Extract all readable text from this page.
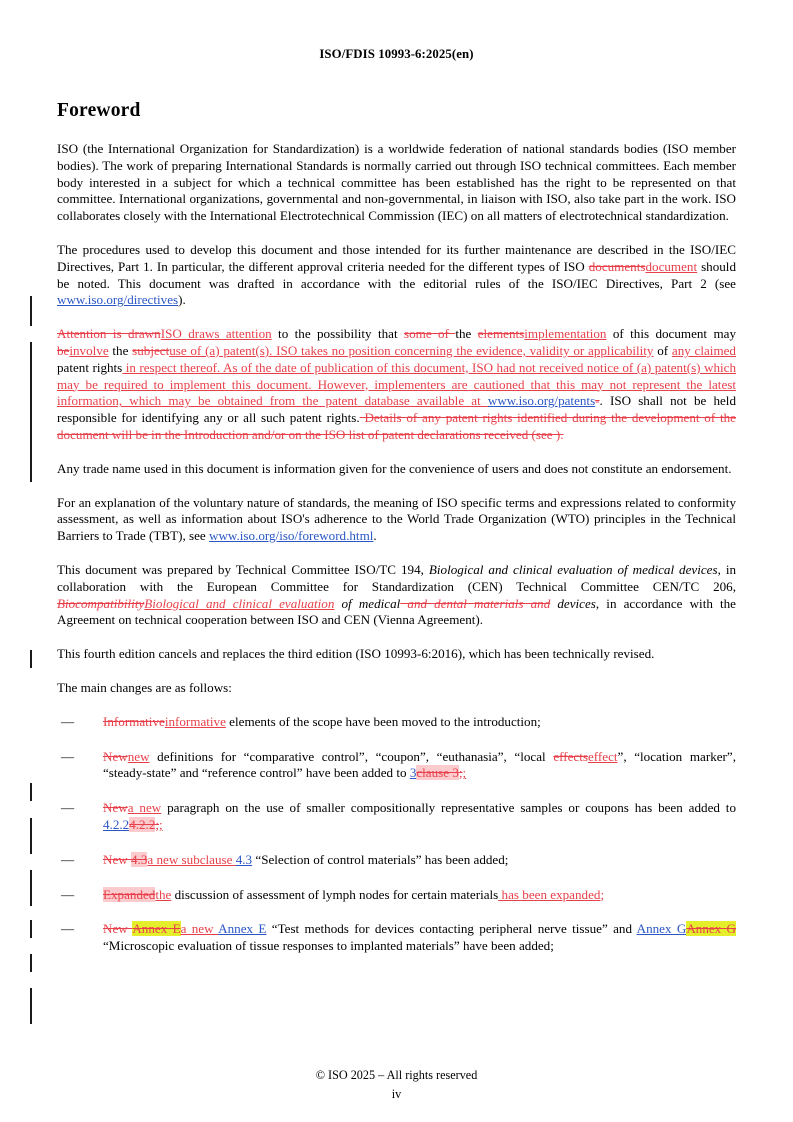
ISO/FDIS 10993-6:2025(en)
Foreword

ISO (the International Organization for Standardization) is a worldwide federation of national standards bodies (ISO member bodies). The work of preparing International Standards is normally carried out through ISO technical committees. Each member body interested in a subject for which a technical committee has been established has the right to be represented on that committee. International organizations, governmental and non-governmental, in liaison with ISO, also take part in the work. ISO collaborates closely with the International Electrotechnical Commission (IEC) on all matters of electrotechnical standardization.

The procedures used to develop this document and those intended for its further maintenance are described in the ISO/IEC Directives, Part 1. In particular, the different approval criteria needed for the different types of ISO documentsdocument should be noted. This document was drafted in accordance with the editorial rules of the ISO/IEC Directives, Part 2 (see www.iso.org/directives).

Attention is drawnISO draws attention to the possibility that some of the elementsimplementation of this document may beinvolve the subjectuse of (a) patent(s). ISO takes no position concerning the evidence, validity or applicability of any claimed patent rights in respect thereof. As of the date of publication of this document, ISO had not received notice of (a) patent(s) which may be required to implement this document. However, implementers are cautioned that this may not represent the latest information, which may be obtained from the patent database available at www.iso.org/patents-. ISO shall not be held responsible for identifying any or all such patent rights. Details of any patent rights identified during the development of the document will be in the Introduction and/or on the ISO list of patent declarations received (see ).

Any trade name used in this document is information given for the convenience of users and does not constitute an endorsement.

For an explanation of the voluntary nature of standards, the meaning of ISO specific terms and expressions related to conformity assessment, as well as information about ISO's adherence to the World Trade Organization (WTO) principles in the Technical Barriers to Trade (TBT), see www.iso.org/iso/foreword.html.

This document was prepared by Technical Committee ISO/TC 194, Biological and clinical evaluation of medical devices, in collaboration with the European Committee for Standardization (CEN) Technical Committee CEN/TC 206, BiocompatibilityBiological and clinical evaluation of medical and dental materials and devices, in accordance with the Agreement on technical cooperation between ISO and CEN (Vienna Agreement).

This fourth edition cancels and replaces the third edition (ISO 10993-6:2016), which has been technically revised.

The main changes are as follows:

— Informativeinformative elements of the scope have been moved to the introduction;
— Newnew definitions for “comparative control”, “coupon”, “euthanasia”, “local effectseffect”, “location marker”, “steady-state” and “reference control” have been added to 3clause 3;;
— Newa new paragraph on the use of smaller compositionally representative samples or coupons has been added to 4.2.24.2.2;;
— New 4.3a new subclause 4.3 “Selection of control materials” has been added;
— Expandedthe discussion of assessment of lymph nodes for certain materials has been expanded;
— New Annex Ea new Annex E “Test methods for devices contacting peripheral nerve tissue” and Annex GAnnex G “Microscopic evaluation of tissue responses to implanted materials” have been added;
© ISO 2025 – All rights reserved
iv
